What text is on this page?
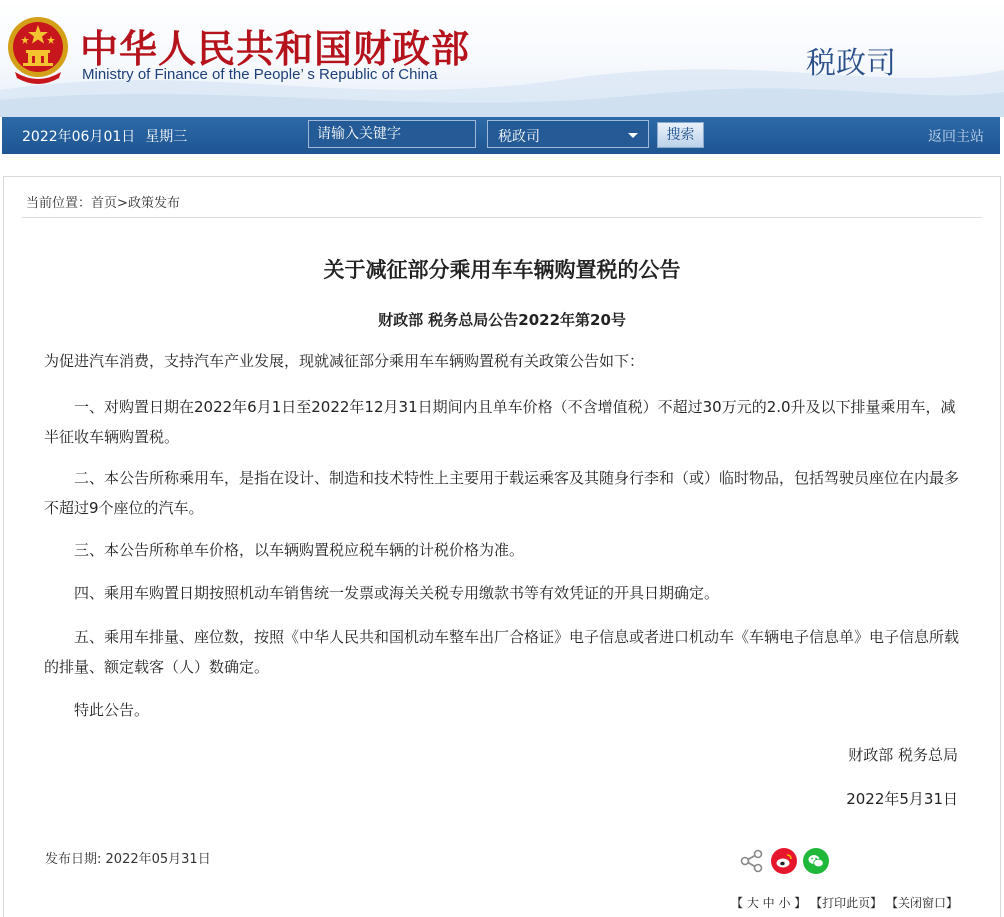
中华人民共和国财政部
Ministry of Finance of the People’ s Republic of China	税政司
2022年06月01日 星期三
请输入关键字	税政司	搜索	返回主站
当前位置：首页>政策发布
关于减征部分乘用车车辆购置税的公告
财政部 税务总局公告2022年第20号
为促进汽车消费，支持汽车产业发展，现就减征部分乘用车车辆购置税有关政策公告如下：
一、对购置日期在2022年6月1日至2022年12月31日期间内且单车价格（不含增值税）不超过30万元的2.0升及以下排量乘用车，减半征收车辆购置税。
二、本公告所称乘用车，是指在设计、制造和技术特性上主要用于载运乘客及其随身行李和（或）临时物品，包括驾驶员座位在内最多不超过9个座位的汽车。
三、本公告所称单车价格，以车辆购置税应税车辆的计税价格为准。
四、乘用车购置日期按照机动车销售统一发票或海关关税专用缴款书等有效凭证的开具日期确定。
五、乘用车排量、座位数，按照《中华人民共和国机动车整车出厂合格证》电子信息或者进口机动车《车辆电子信息单》电子信息所载的排量、额定载客（人）数确定。
特此公告。
财政部 税务总局
2022年5月31日
发布日期: 2022年05月31日
【 大 中 小 】 【打印此页】 【关闭窗口】
